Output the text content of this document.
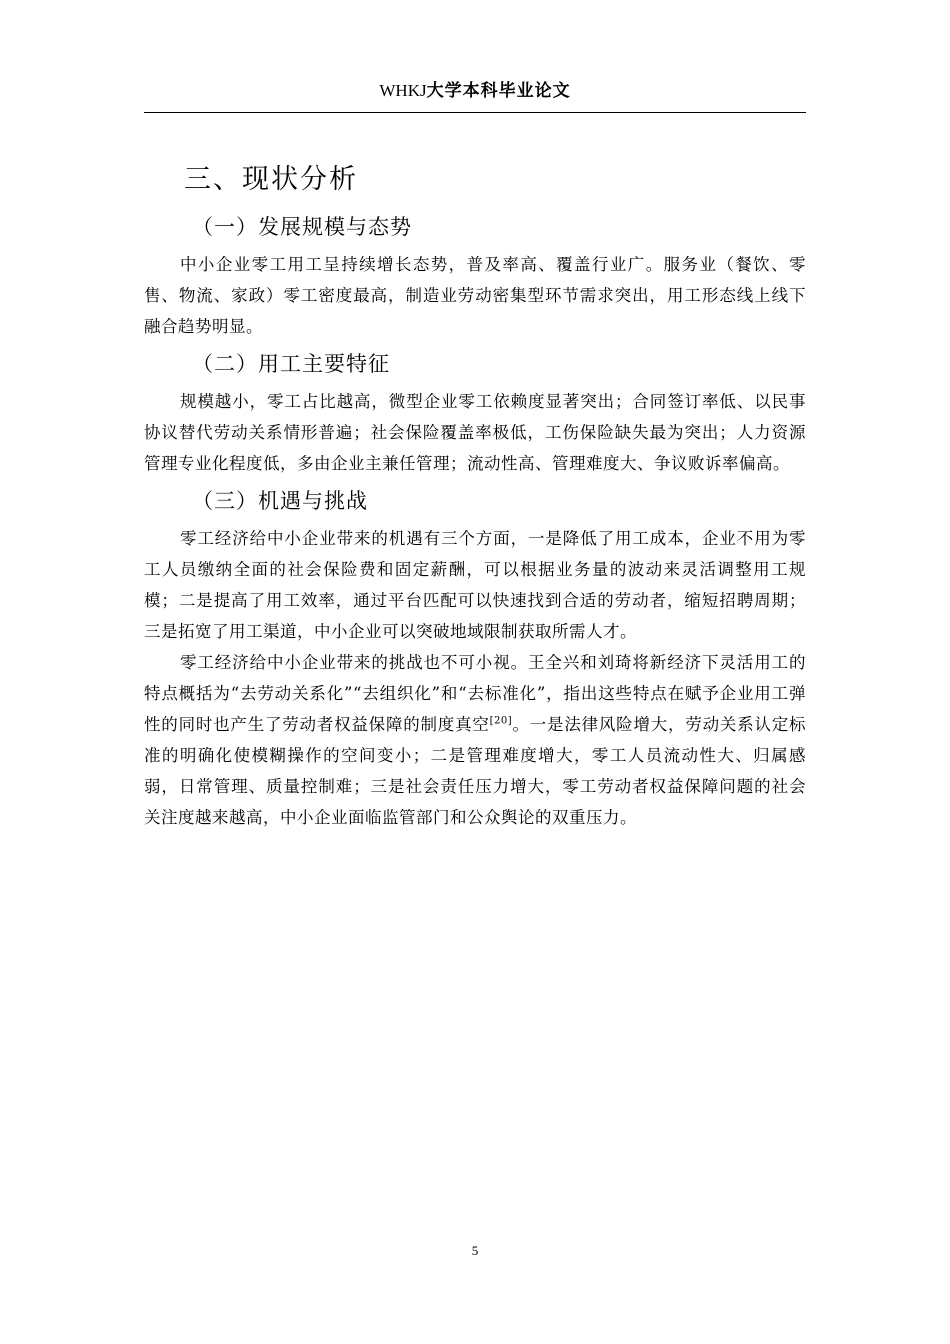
WHKJ大学本科毕业论文
三、现状分析
（一）发展规模与态势

中小企业零工用工呈持续增长态势，普及率高、覆盖行业广。服务业（餐饮、零售、物流、家政）零工密度最高，制造业劳动密集型环节需求突出，用工形态线上线下融合趋势明显。

（二）用工主要特征

规模越小，零工占比越高，微型企业零工依赖度显著突出；合同签订率低、以民事协议替代劳动关系情形普遍；社会保险覆盖率极低，工伤保险缺失最为突出；人力资源管理专业化程度低，多由企业主兼任管理；流动性高、管理难度大、争议败诉率偏高。

（三）机遇与挑战

零工经济给中小企业带来的机遇有三个方面，一是降低了用工成本，企业不用为零工人员缴纳全面的社会保险费和固定薪酬，可以根据业务量的波动来灵活调整用工规模；二是提高了用工效率，通过平台匹配可以快速找到合适的劳动者，缩短招聘周期；三是拓宽了用工渠道，中小企业可以突破地域限制获取所需人才。

零工经济给中小企业带来的挑战也不可小视。王全兴和刘琦将新经济下灵活用工的特点概括为“去劳动关系化”“去组织化”和“去标准化”，指出这些特点在赋予企业用工弹性的同时也产生了劳动者权益保障的制度真空[20]。一是法律风险增大，劳动关系认定标准的明确化使模糊操作的空间变小；二是管理难度增大，零工人员流动性大、归属感弱，日常管理、质量控制难；三是社会责任压力增大，零工劳动者权益保障问题的社会关注度越来越高，中小企业面临监管部门和公众舆论的双重压力。

5
